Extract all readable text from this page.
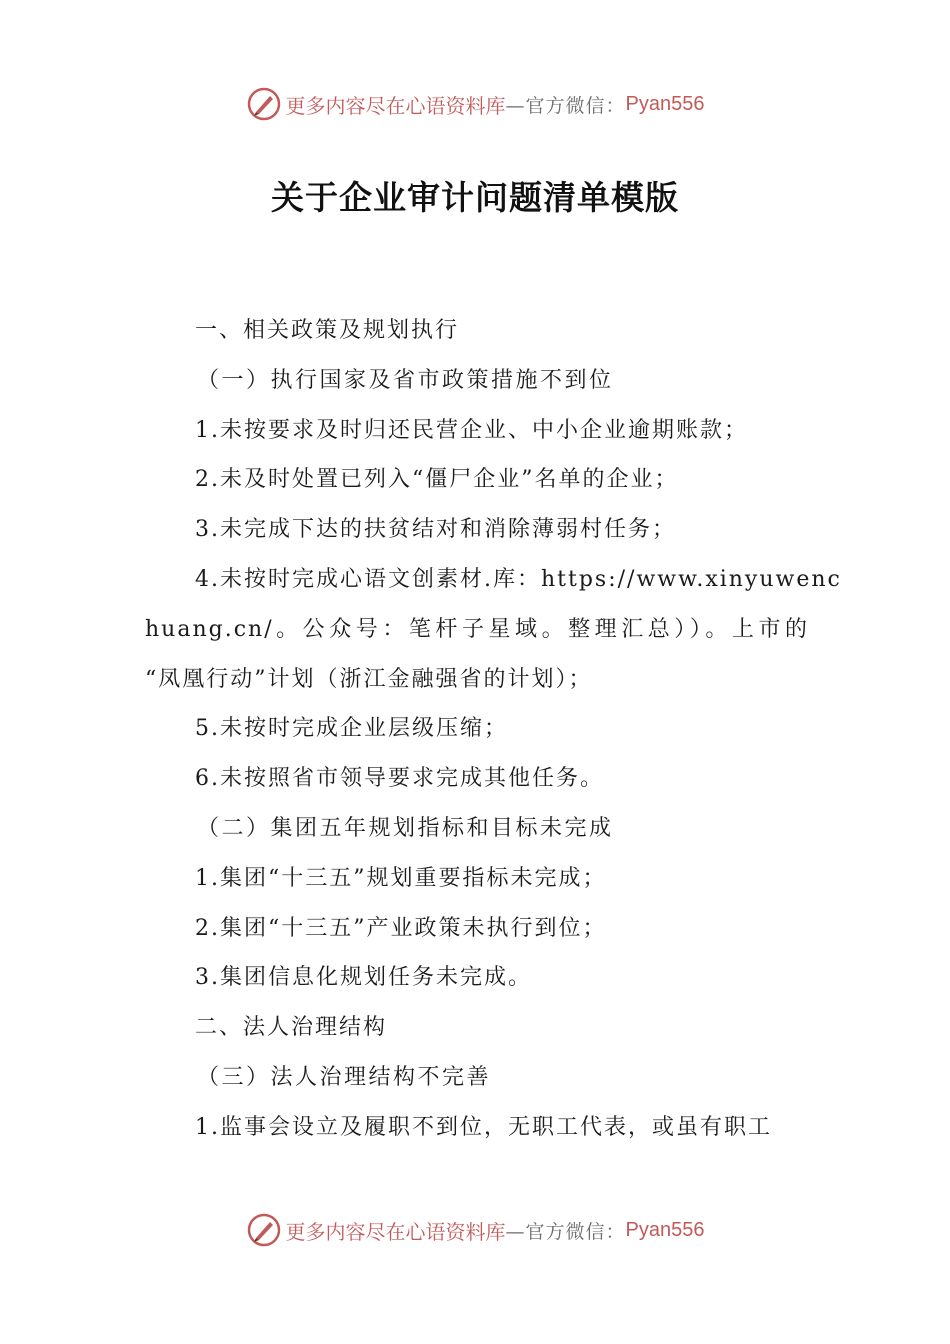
更多内容尽在心语资料库 —官方微信： Pyan556
关于企业审计问题清单模版
一、相关政策及规划执行
（一）执行国家及省市政策措施不到位
1.未按要求及时归还民营企业、中小企业逾期账款；
2.未及时处置已列入“僵尸企业”名单的企业；
3.未完成下达的扶贫结对和消除薄弱村任务；
4.未按时完成心语文创素材.库：https://www.xinyuwenc
huang.cn/。公众号：笔杆子星域。整理汇总））。上市的
“凤凰行动”计划（浙江金融强省的计划）；
5.未按时完成企业层级压缩；
6.未按照省市领导要求完成其他任务。
（二）集团五年规划指标和目标未完成
1.集团“十三五”规划重要指标未完成；
2.集团“十三五”产业政策未执行到位；
3.集团信息化规划任务未完成。
二、法人治理结构
（三）法人治理结构不完善
1.监事会设立及履职不到位，无职工代表，或虽有职工
更多内容尽在心语资料库 —官方微信： Pyan556
